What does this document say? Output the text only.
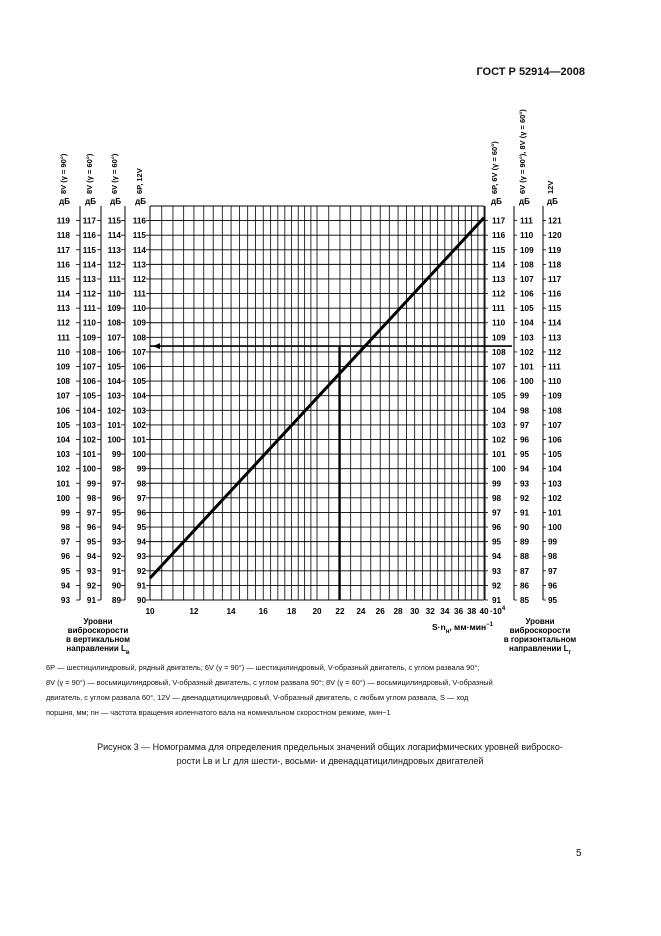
ГОСТ Р 52914—2008
дБ
8V (γ = 90°)
93
94
95
96
97
98
99
100
101
102
103
104
105
106
107
108
109
110
111
112
113
114
115
116
117
118
119
дБ
8V (γ = 60°)
91
92
93
94
95
96
97
98
99
100
101
102
103
104
105
106
107
108
109
110
111
112
113
114
115
116
117
дБ
6V (γ = 60°)
89
90
91
92
93
94
95
96
97
98
99
100
101
102
103
104
105
106
107
108
109
110
111
112
113
114
115
дБ
6P, 12V
90
91
92
93
94
95
96
97
98
99
100
101
102
103
104
105
106
107
108
109
110
111
112
113
114
115
116
дБ
6P, 6V (γ = 60°)
91
92
93
94
95
96
97
98
99
100
101
102
103
104
105
106
107
108
109
110
111
112
113
114
115
116
117
дБ
6V (γ = 90°), 8V (γ = 60°)
85
86
87
88
89
90
91
92
93
94
95
96
97
98
99
100
101
102
103
104
105
106
107
108
109
110
111
дБ
12V
95
96
97
98
99
100
101
102
103
104
105
106
107
108
109
110
111
112
113
114
115
116
117
118
119
120
121
10	12	14	16 18 20 22 24 26 28 30 32 34 36 38 $40 \cdot 10^4$
$S\cdot n_н$, мм·мин$^{-1}$
Уровни
виброскорости
в вертикальном
направлении $L_в$
Уровни
виброскорости
в горизонтальном
направлении $L_г$
6Р — шестицилиндровый, рядный двигатель; 6V (γ = 90°) — шестицилиндровый, V-образный двигатель, с углом развала 90°;
8V (γ = 90°) — восьмицилиндровый, V-образный двигатель, с углом развала 90°; 8V (γ = 60°) — восьмицилиндровый, V-образный
двигатель, с углом развала 60°, 12V — двенадцатицилиндровый, V-образный двигатель, с любым углом развала, S — ход
поршня, мм; nн — частота вращения коленчатого вала на номинальном скоростном режиме, мин−1
Рисунок 3 — Номограмма для определения предельных значений общих логарифмических уровней виброско-
рости Lв и Lг для шести-, восьми- и двенадцатицилиндровых двигателей
5
